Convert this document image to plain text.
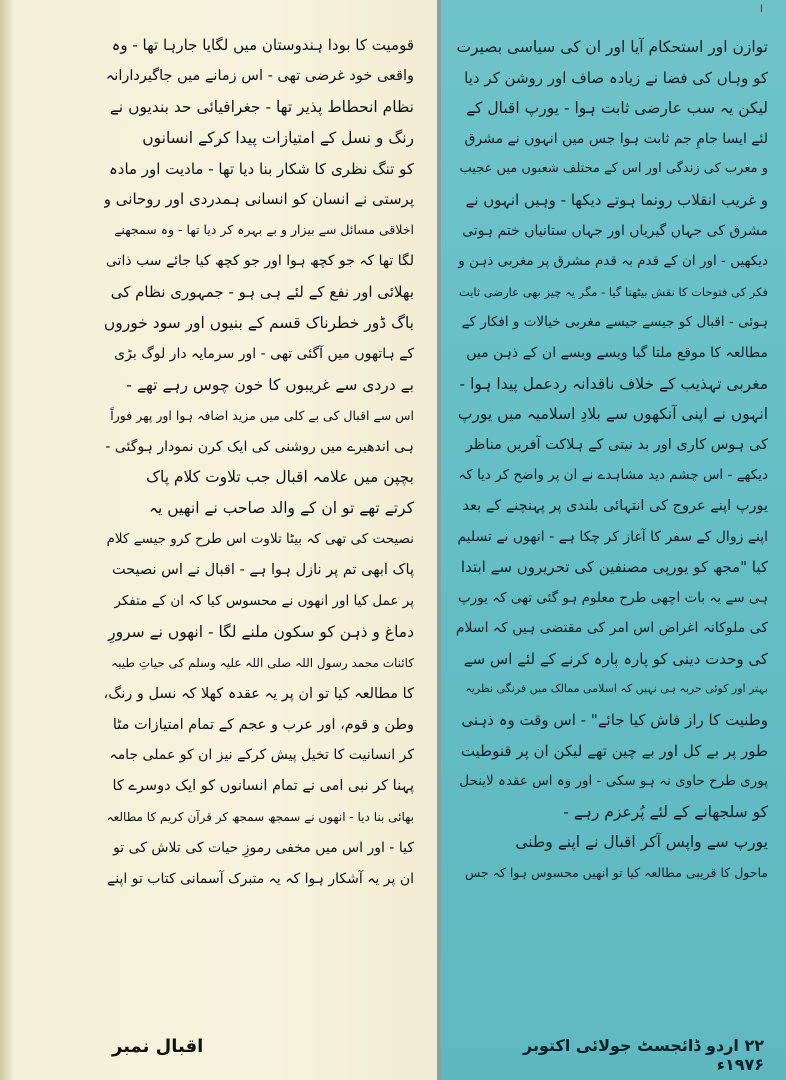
ا
قومیت کا بودا ہندوستان میں لگایا جارہا تھا - وہ
واقعی خود غرضی تھی - اس زمانے میں جاگیردارانہ
نظام انحطاط پذیر تھا - جغرافیائی حد بندیوں نے
رنگ و نسل کے امتیازات پیدا کرکے انسانوں
کو تنگ نظری کا شکار بنا دیا تھا - مادیت اور مادہ
پرستی نے انسان کو انسانی ہمدردی اور روحانی و
اخلاقی مسائل سے بیزار و بے بہرہ کر دیا تھا - وہ سمجھنے
لگا تھا کہ جو کچھ ہوا اور جو کچھ کیا جائے سب ذاتی
بھلائی اور نفع کے لئے ہی ہو - جمہوری نظام کی
باگ ڈور خطرناک قسم کے بنیوں اور سود خوروں
کے ہاتھوں میں آگئی تھی - اور سرمایہ دار لوگ بڑی
بے دردی سے غریبوں کا خون چوس رہے تھے -
اس سے اقبال کی بے کلی میں مزید اضافہ ہوا اور پھر فوراً
ہی اندھیرے میں روشنی کی ایک کرن نمودار ہوگئی -
بچپن میں علامہ اقبال جب تلاوت کلام پاک
کرتے تھے تو ان کے والد صاحب نے انھیں یہ
نصیحت کی تھی کہ بیٹا تلاوت اس طرح کرو جیسے کلام
پاک ابھی تم پر نازل ہوا ہے - اقبال نے اس نصیحت
پر عمل کیا اور انھوں نے محسوس کیا کہ ان کے متفکر
دماغ و ذہن کو سکون ملنے لگا - انھوں نے سرورِ
کائنات محمد رسول اللہ صلی اللہ علیہ وسلم کی حیاتِ طیبہ
کا مطالعہ کیا تو ان پر یہ عقدہ کھلا کہ نسل و رنگ،
وطن و قوم، اور عرب و عجم کے تمام امتیازات مٹا
کر انسانیت کا تخیل پیش کرکے نیز ان کو عملی جامہ
پہنا کر نبی امی نے تمام انسانوں کو ایک دوسرے کا
بھائی بنا دیا - انھوں نے سمجھ سمجھ کر قرآن کریم کا مطالعہ
کیا - اور اس میں مخفی رموزِ حیات کی تلاش کی تو
ان پر یہ آشکار ہوا کہ یہ متبرک آسمانی کتاب تو اپنے
توازن اور استحکام آیا اور ان کی سیاسی بصیرت
کو وہاں کی فضا نے زیادہ صاف اور روشن کر دیا
لیکن یہ سب عارضی ثابت ہوا - یورپ اقبال کے
لئے ایسا جامِ جم ثابت ہوا جس میں انہوں نے مشرق
و مغرب کی زندگی اور اس کے مختلف شعبوں میں عجیب
و غریب انقلاب رونما ہوتے دیکھا - وہیں انہوں نے
مشرق کی جہاں گیریاں اور جہاں ستانیاں ختم ہوتی
دیکھیں - اور ان کے قدم بہ قدم مشرق پر مغربی ذہن و
فکر کی فتوحات کا نقش بیٹھتا گیا - مگر یہ چیز بھی عارضی ثابت
ہوئی - اقبال کو جیسے جیسے مغربی خیالات و افکار کے
مطالعہ کا موقع ملتا گیا ویسے ویسے ان کے ذہن میں
مغربی تہذیب کے خلاف ناقدانہ ردعمل پیدا ہوا -
انہوں نے اپنی آنکھوں سے بلادِ اسلامیہ میں یورپ
کی ہوس کاری اور بد نیتی کے ہلاکت آفریں مناظر
دیکھے - اس چشم دید مشاہدے نے ان پر واضح کر دیا کہ
یورپ اپنے عروج کی انتہائی بلندی پر پہنچنے کے بعد
اپنے زوال کے سفر کا آغاز کر چکا ہے - انھوں نے تسلیم
کیا "مجھ کو یورپی مصنفین کی تحریروں سے ابتدا
ہی سے یہ بات اچھی طرح معلوم ہو گئی تھی کہ یورپ
کی ملوکانہ اغراض اس امر کی مقتضی ہیں کہ اسلام
کی وحدت دینی کو پارہ پارہ کرنے کے لئے اس سے
بہتر اور کوئی حربہ ہی نہیں کہ اسلامی ممالک میں فرنگی نظریہ
وطنیت کا راز فاش کیا جائے" - اس وقت وہ ذہنی
طور پر بے کل اور بے چین تھے لیکن ان پر قنوطیت
پوری طرح حاوی نہ ہو سکی - اور وہ اس عقدہ لاینحل
کو سلجھانے کے لئے پُرعزم رہے -
یورپ سے واپس آکر اقبال نے اپنے وطنی
ماحول کا قریبی مطالعہ کیا تو انھیں محسوس ہوا کہ جس
اقبال نمبر	۲۲ اردو ڈائجسٹ جولائی اکتوبر ۱۹۷۶ء
